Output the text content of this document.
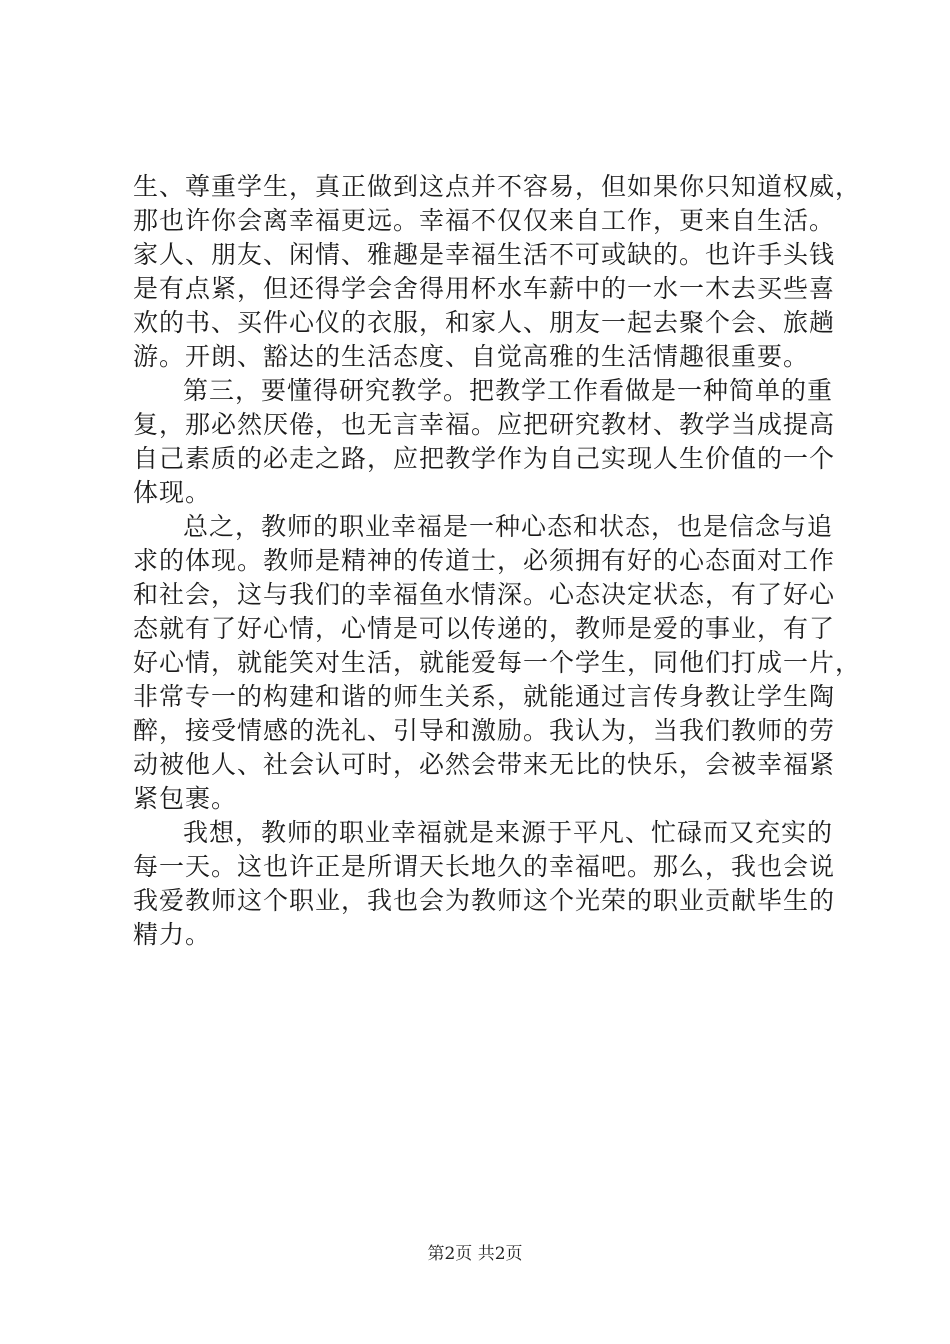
生、尊重学生，真正做到这点并不容易，但如果你只知道权威，
那也许你会离幸福更远。幸福不仅仅来自工作，更来自生活。
家人、朋友、闲情、雅趣是幸福生活不可或缺的。也许手头钱
是有点紧，但还得学会舍得用杯水车薪中的一水一木去买些喜
欢的书、买件心仪的衣服，和家人、朋友一起去聚个会、旅趟
游。开朗、豁达的生活态度、自觉高雅的生活情趣很重要。
第三，要懂得研究教学。把教学工作看做是一种简单的重
复，那必然厌倦，也无言幸福。应把研究教材、教学当成提高
自己素质的必走之路，应把教学作为自己实现人生价值的一个
体现。
总之，教师的职业幸福是一种心态和状态，也是信念与追
求的体现。教师是精神的传道士，必须拥有好的心态面对工作
和社会，这与我们的幸福鱼水情深。心态决定状态，有了好心
态就有了好心情，心情是可以传递的，教师是爱的事业，有了
好心情，就能笑对生活，就能爱每一个学生，同他们打成一片，
非常专一的构建和谐的师生关系，就能通过言传身教让学生陶
醉，接受情感的洗礼、引导和激励。我认为，当我们教师的劳
动被他人、社会认可时，必然会带来无比的快乐，会被幸福紧
紧包裹。
我想，教师的职业幸福就是来源于平凡、忙碌而又充实的
每一天。这也许正是所谓天长地久的幸福吧。那么，我也会说
我爱教师这个职业，我也会为教师这个光荣的职业贡献毕生的
精力。
第2页 共2页
